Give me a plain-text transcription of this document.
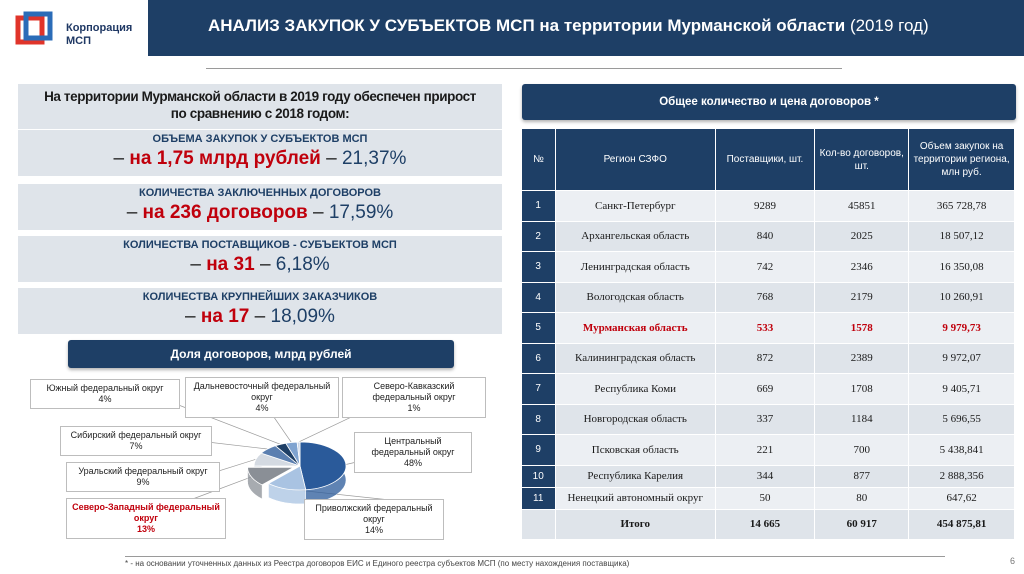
Корпорация
МСП
АНАЛИЗ ЗАКУПОК У СУБЪЕКТОВ МСП на территории Мурманской области (2019 год)
На территории Мурманской области в 2019 году обеспечен прирост
по сравнению с 2018 годом:
ОБЪЕМА ЗАКУПОК У СУБЪЕКТОВ МСП
– на 1,75 млрд рублей – 21,37%
КОЛИЧЕСТВА ЗАКЛЮЧЕННЫХ ДОГОВОРОВ
– на 236 договоров – 17,59%
КОЛИЧЕСТВА ПОСТАВЩИКОВ - СУБЪЕКТОВ МСП
– на 31 – 6,18%
КОЛИЧЕСТВА КРУПНЕЙШИХ ЗАКАЗЧИКОВ
– на 17 – 18,09%
Доля договоров, млрд рублей
Южный федеральный округ
4%
Дальневосточный федеральный округ
4%
Северо-Кавказский федеральный округ
1%
Сибирский федеральный округ
7%	Центральный федеральный округ
48%
Уральский федеральный округ
9%
Северо-Западный федеральный округ
13%
Приволжский федеральный округ
14%
Общее количество и цена договоров *
№	Регион СЗФО	Поставщики, шт.	Кол-во договоров, шт.	Объем закупок на территории региона, млн руб.
1	Санкт-Петербург	9289	45851	365 728,78
2	Архангельская область	840	2025	18 507,12
3	Ленинградская область	742	2346	16 350,08
4	Вологодская область	768	2179	10 260,91
5	Мурманская область	533	1578	9 979,73
6	Калининградская область	872	2389	9 972,07
7	Республика Коми	669	1708	9 405,71
8	Новгородская область	337	1184	5 696,55
9	Псковская область	221	700	5 438,841
10	Республика Карелия	344	877	2 888,356
11	Ненецкий автономный округ	50	80	647,62
	Итого	14 665	60 917	454 875,81
* - на основании уточненных данных из Реестра договоров ЕИС и Единого реестра субъектов МСП (по месту нахождения поставщика)	6
